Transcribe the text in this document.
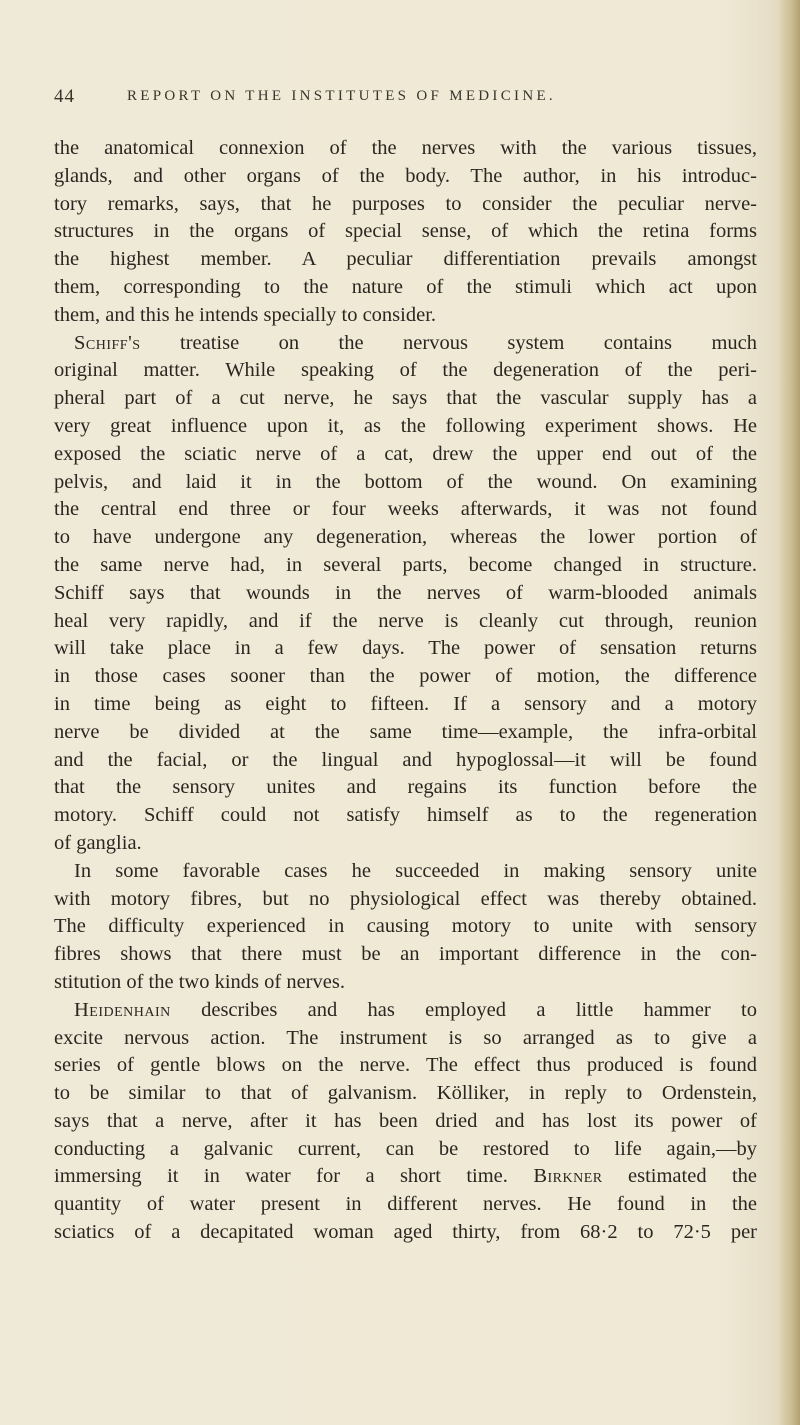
44	REPORT ON THE INSTITUTES OF MEDICINE.
the anatomical connexion of the nerves with the various tissues,
glands, and other organs of the body. The author, in his introduc-
tory remarks, says, that he purposes to consider the peculiar nerve-
structures in the organs of special sense, of which the retina forms
the highest member. A peculiar differentiation prevails amongst
them, corresponding to the nature of the stimuli which act upon
them, and this he intends specially to consider.
Schiff's treatise on the nervous system contains much
original matter. While speaking of the degeneration of the peri-
pheral part of a cut nerve, he says that the vascular supply has a
very great influence upon it, as the following experiment shows. He
exposed the sciatic nerve of a cat, drew the upper end out of the
pelvis, and laid it in the bottom of the wound. On examining
the central end three or four weeks afterwards, it was not found
to have undergone any degeneration, whereas the lower portion of
the same nerve had, in several parts, become changed in structure.
Schiff says that wounds in the nerves of warm-blooded animals
heal very rapidly, and if the nerve is cleanly cut through, reunion
will take place in a few days. The power of sensation returns
in those cases sooner than the power of motion, the difference
in time being as eight to fifteen. If a sensory and a motory
nerve be divided at the same time—example, the infra-orbital
and the facial, or the lingual and hypoglossal—it will be found
that the sensory unites and regains its function before the
motory. Schiff could not satisfy himself as to the regeneration
of ganglia.
In some favorable cases he succeeded in making sensory unite
with motory fibres, but no physiological effect was thereby obtained.
The difficulty experienced in causing motory to unite with sensory
fibres shows that there must be an important difference in the con-
stitution of the two kinds of nerves.
Heidenhain describes and has employed a little hammer to
excite nervous action. The instrument is so arranged as to give a
series of gentle blows on the nerve. The effect thus produced is found
to be similar to that of galvanism. Kölliker, in reply to Ordenstein,
says that a nerve, after it has been dried and has lost its power of
conducting a galvanic current, can be restored to life again,—by
immersing it in water for a short time. Birkner estimated the
quantity of water present in different nerves. He found in the
sciatics of a decapitated woman aged thirty, from 68·2 to 72·5 per
